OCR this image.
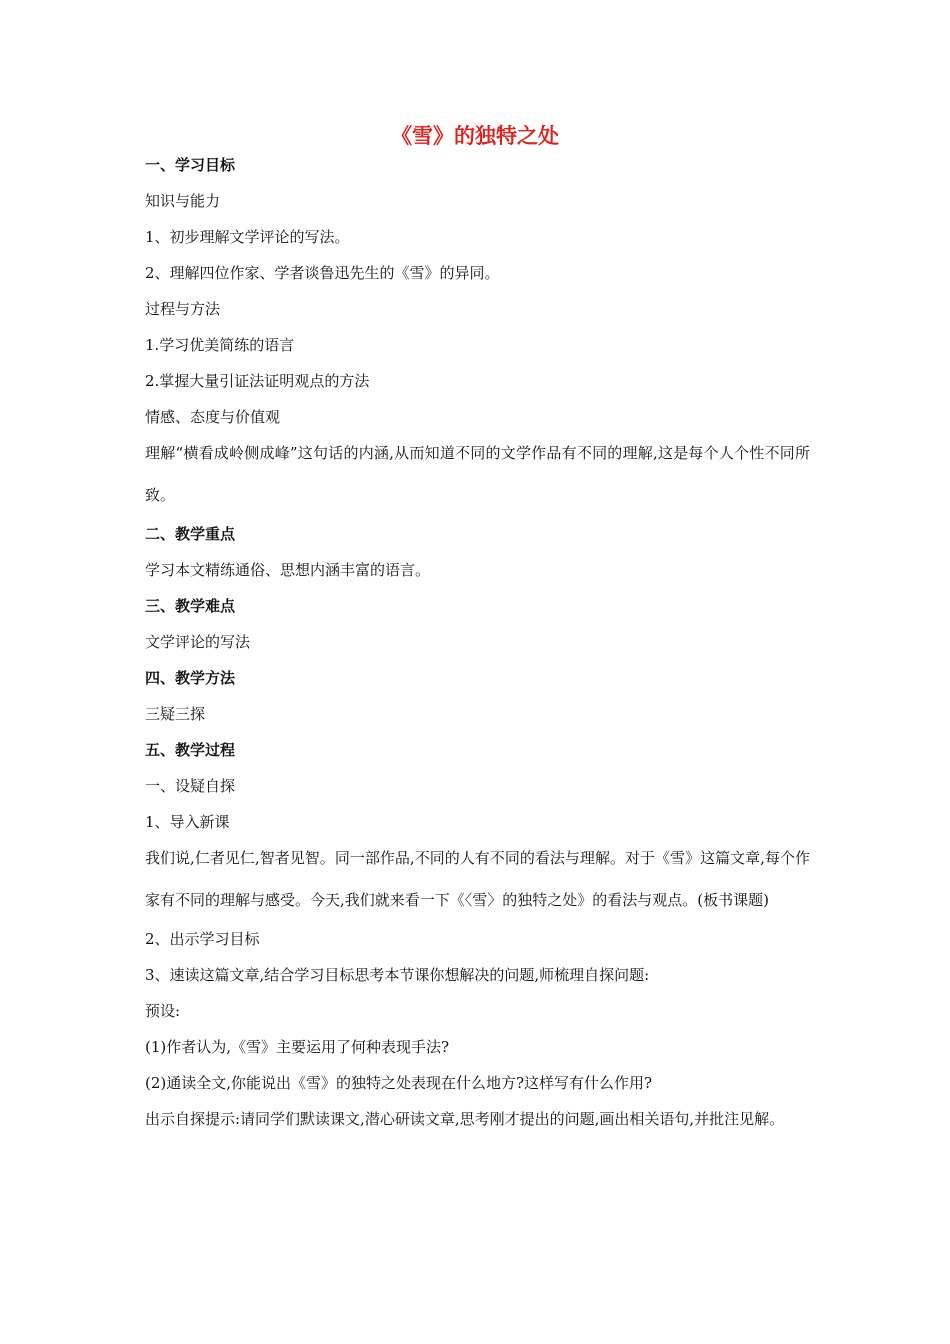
《雪》的独特之处

一、学习目标

知识与能力

1、初步理解文学评论的写法。

2、理解四位作家、学者谈鲁迅先生的《雪》的异同。

过程与方法

1.学习优美简练的语言

2.掌握大量引证法证明观点的方法

情感、态度与价值观

理解“横看成岭侧成峰”这句话的内涵,从而知道不同的文学作品有不同的理解,这是每个人个性不同所致。

二、教学重点

学习本文精练通俗、思想内涵丰富的语言。

三、教学难点

文学评论的写法

四、教学方法

三疑三探

五、教学过程

一、设疑自探

1、导入新课

我们说,仁者见仁,智者见智。同一部作品,不同的人有不同的看法与理解。对于《雪》这篇文章,每个作家有不同的理解与感受。今天,我们就来看一下《〈雪〉的独特之处》的看法与观点。(板书课题)

2、出示学习目标

3、速读这篇文章,结合学习目标思考本节课你想解决的问题,师梳理自探问题:

预设:

(1)作者认为,《雪》主要运用了何种表现手法?

(2)通读全文,你能说出《雪》的独特之处表现在什么地方?这样写有什么作用?

出示自探提示:请同学们默读课文,潜心研读文章,思考刚才提出的问题,画出相关语句,并批注见解。
